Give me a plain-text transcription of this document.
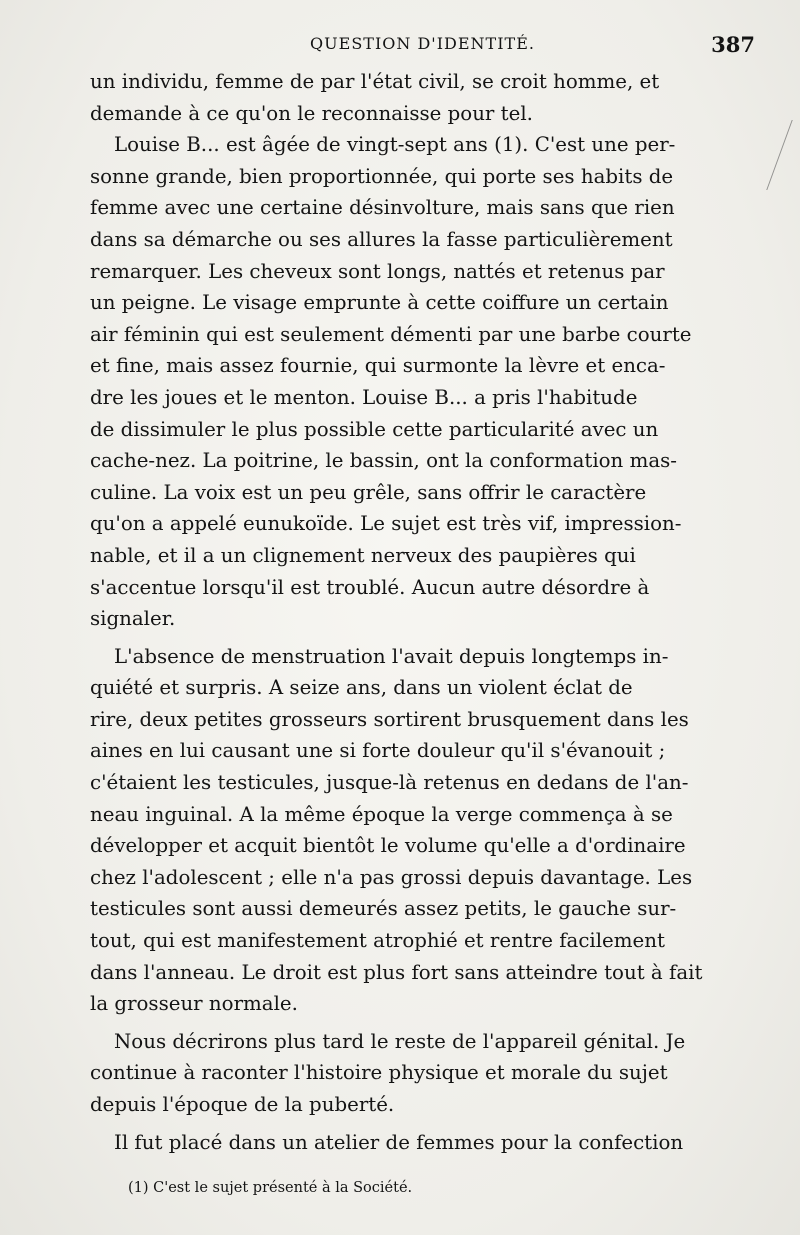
QUESTION D'IDENTITÉ.	387
un individu, femme de par l'état civil, se croit homme, et
demande à ce qu'on le reconnaisse pour tel.
Louise B... est âgée de vingt-sept ans (1). C'est une per-
sonne grande, bien proportionnée, qui porte ses habits de
femme avec une certaine désinvolture, mais sans que rien
dans sa démarche ou ses allures la fasse particulièrement
remarquer. Les cheveux sont longs, nattés et retenus par
un peigne. Le visage emprunte à cette coiffure un certain
air féminin qui est seulement démenti par une barbe courte
et fine, mais assez fournie, qui surmonte la lèvre et enca-
dre les joues et le menton. Louise B... a pris l'habitude
de dissimuler le plus possible cette particularité avec un
cache-nez. La poitrine, le bassin, ont la conformation mas-
culine. La voix est un peu grêle, sans offrir le caractère
qu'on a appelé eunukoïde. Le sujet est très vif, impression-
nable, et il a un clignement nerveux des paupières qui
s'accentue lorsqu'il est troublé. Aucun autre désordre à
signaler.
L'absence de menstruation l'avait depuis longtemps in-
quiété et surpris. A seize ans, dans un violent éclat de
rire, deux petites grosseurs sortirent brusquement dans les
aines en lui causant une si forte douleur qu'il s'évanouit ;
c'étaient les testicules, jusque-là retenus en dedans de l'an-
neau inguinal. A la même époque la verge commença à se
développer et acquit bientôt le volume qu'elle a d'ordinaire
chez l'adolescent ; elle n'a pas grossi depuis davantage. Les
testicules sont aussi demeurés assez petits, le gauche sur-
tout, qui est manifestement atrophié et rentre facilement
dans l'anneau. Le droit est plus fort sans atteindre tout à fait
la grosseur normale.
Nous décrirons plus tard le reste de l'appareil génital. Je
continue à raconter l'histoire physique et morale du sujet
depuis l'époque de la puberté.
Il fut placé dans un atelier de femmes pour la confection
(1) C'est le sujet présenté à la Société.
